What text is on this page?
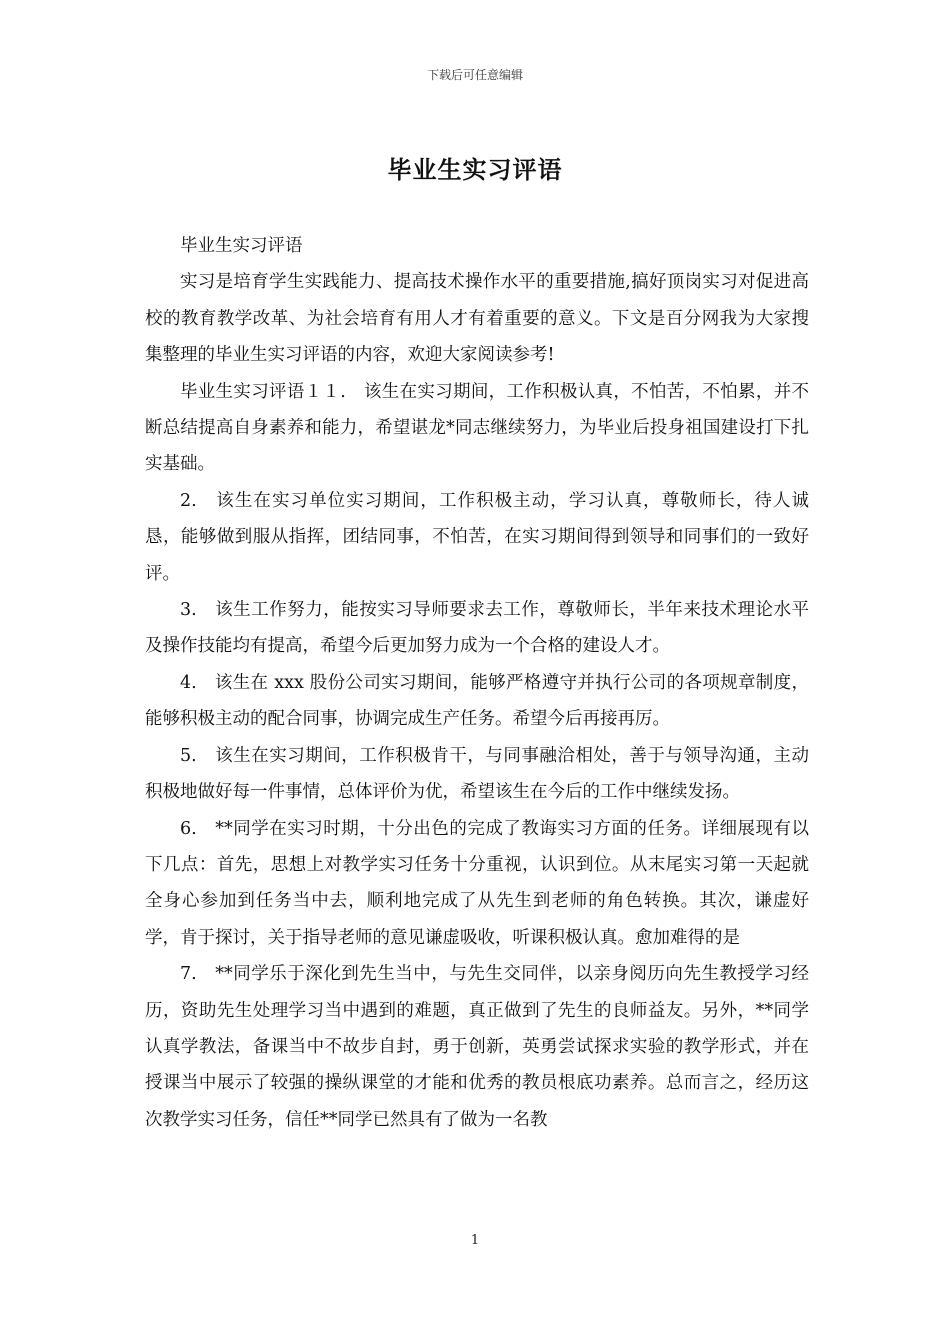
下载后可任意编辑
毕业生实习评语

毕业生实习评语

实习是培育学生实践能力、提高技术操作水平的重要措施,搞好顶岗实习对促进高校的教育教学改革、为社会培育有用人才有着重要的意义。下文是百分网我为大家搜集整理的毕业生实习评语的内容，欢迎大家阅读参考!

毕业生实习评语１１.　该生在实习期间，工作积极认真，不怕苦，不怕累，并不断总结提高自身素养和能力，希望谌龙*同志继续努力，为毕业后投身祖国建设打下扎实基础。

2.　该生在实习单位实习期间，工作积极主动，学习认真，尊敬师长，待人诚恳，能够做到服从指挥，团结同事，不怕苦，在实习期间得到领导和同事们的一致好评。

3.　该生工作努力，能按实习导师要求去工作，尊敬师长，半年来技术理论水平及操作技能均有提高，希望今后更加努力成为一个合格的建设人才。

4.　该生在 xxx 股份公司实习期间，能够严格遵守并执行公司的各项规章制度，能够积极主动的配合同事，协调完成生产任务。希望今后再接再厉。

5.　该生在实习期间，工作积极肯干，与同事融洽相处，善于与领导沟通，主动积极地做好每一件事情，总体评价为优，希望该生在今后的工作中继续发扬。

6.　**同学在实习时期，十分出色的完成了教诲实习方面的任务。详细展现有以下几点：首先，思想上对教学实习任务十分重视，认识到位。从末尾实习第一天起就全身心参加到任务当中去，顺利地完成了从先生到老师的角色转换。其次，谦虚好学，肯于探讨，关于指导老师的意见谦虚吸收，听课积极认真。愈加难得的是

7.　**同学乐于深化到先生当中，与先生交同伴，以亲身阅历向先生教授学习经历，资助先生处理学习当中遇到的难题，真正做到了先生的良师益友。另外，**同学认真学教法，备课当中不故步自封，勇于创新，英勇尝试探求实验的教学形式，并在授课当中展示了较强的操纵课堂的才能和优秀的教员根底功素养。总而言之，经历这次教学实习任务，信任**同学已然具有了做为一名教

1
